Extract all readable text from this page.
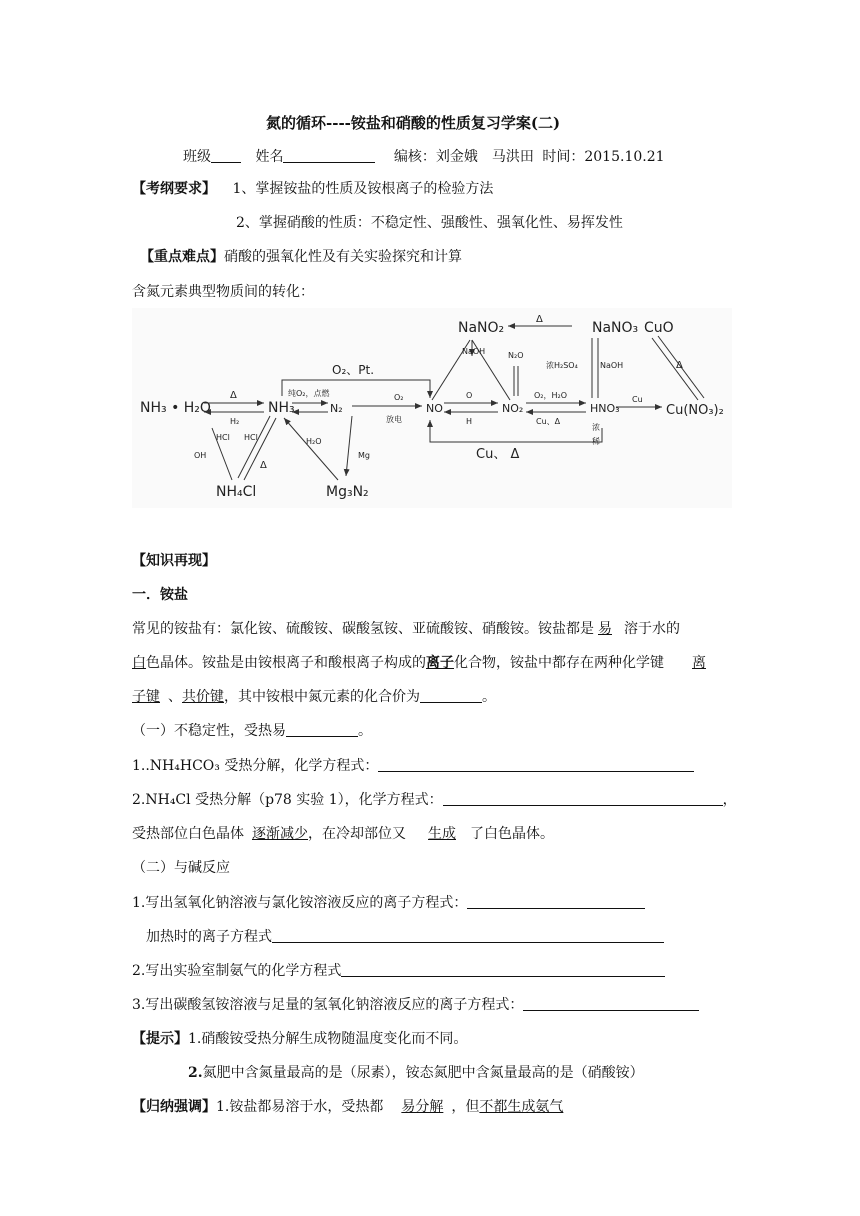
氮的循环----铵盐和硝酸的性质复习学案(二)
班级	姓名	编核：刘金娥　马洪田 时间：2015.10.21
【考纲要求】 1、掌握铵盐的性质及铵根离子的检验方法
2、掌握硝酸的性质：不稳定性、强酸性、强氧化性、易挥发性
【重点难点】硝酸的强氧化性及有关实验探究和计算
含氮元素典型物质间的转化：
NH₃ • H₂O	NH₃	N₂	NO	NO₂	HNO₃	Cu(NO₃)₂
NaNO₂	NaNO₃ CuO
NH₄Cl	Mg₃N₂
Δ
H₂
纯O₂，点燃
O₂、Pt.
O₂
放电
O
H
O₂，H₂O
Cu、Δ
Cu
NaOH	N₂O
Δ
浓H₂SO₄	NaOH	Δ
浓
稀
Cu、 Δ
HCl HCl
OH
Δ
H₂O
Mg
【知识再现】
一．铵盐
常见的铵盐有：氯化铵、硫酸铵、碳酸氢铵、亚硫酸铵、硝酸铵。铵盐都是 易 溶于水的
白色晶体。铵盐是由铵根离子和酸根离子构成的离子化合物，铵盐中都存在两种化学键 离
子键 、共价键，其中铵根中氮元素的化合价为	。
（一）不稳定性，受热易	。
1..NH₄HCO₃ 受热分解，化学方程式：
2.NH₄Cl 受热分解（p78 实验 1），化学方程式：	，
受热部位白色晶体 逐渐减少，在冷却部位又 生成 了白色晶体。
（二）与碱反应
1.写出氢氧化钠溶液与氯化铵溶液反应的离子方程式：
加热时的离子方程式
2.写出实验室制氨气的化学方程式
3.写出碳酸氢铵溶液与足量的氢氧化钠溶液反应的离子方程式：
【提示】1.硝酸铵受热分解生成物随温度变化而不同。
2.氮肥中含氮量最高的是（尿素），铵态氮肥中含氮量最高的是（硝酸铵）
【归纳强调】1.铵盐都易溶于水，受热都 易分解 ，但不都生成氨气
